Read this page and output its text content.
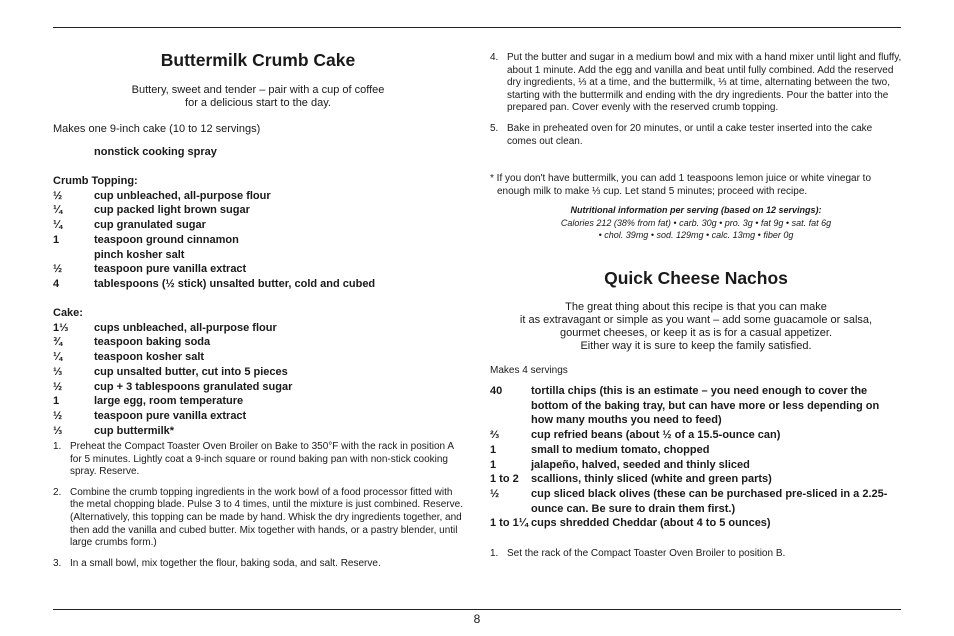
Buttermilk Crumb Cake
Buttery, sweet and tender – pair with a cup of coffee
for a delicious start to the day.
Makes one 9-inch cake (10 to 12 servings)
nonstick cooking spray
Crumb Topping:
½	cup unbleached, all-purpose flour
¼	cup packed light brown sugar
¼	cup granulated sugar
1	teaspoon ground cinnamon
pinch kosher salt
½	teaspoon pure vanilla extract
4	tablespoons (½ stick) unsalted butter, cold and cubed
Cake:
1⅓	cups unbleached, all-purpose flour
¾	teaspoon baking soda
¼	teaspoon kosher salt
⅓	cup unsalted butter, cut into 5 pieces
½	cup + 3 tablespoons granulated sugar
1	large egg, room temperature
½	teaspoon pure vanilla extract
⅓	cup buttermilk*
1. Preheat the Compact Toaster Oven Broiler on Bake to 350°F with the rack in position A for 5 minutes. Lightly coat a 9-inch square or round baking pan with non-stick cooking spray. Reserve.
2. Combine the crumb topping ingredients in the work bowl of a food processor fitted with the metal chopping blade. Pulse 3 to 4 times, until the mixture is just combined. Reserve. (Alternatively, this topping can be made by hand. Whisk the dry ingredients together, and then add the vanilla and cubed butter. Mix together with hands, or a pastry blender, until large crumbs form.)
3. In a small bowl, mix together the flour, baking soda, and salt. Reserve.
4. Put the butter and sugar in a medium bowl and mix with a hand mixer until light and fluffy, about 1 minute. Add the egg and vanilla and beat until fully combined. Add the reserved dry ingredients, ⅓ at a time, and the buttermilk, ⅓ at time, alternating between the two, starting with the buttermilk and ending with the dry ingredients. Pour the batter into the prepared pan. Cover evenly with the reserved crumb topping.
5. Bake in preheated oven for 20 minutes, or until a cake tester inserted into the cake comes out clean.
* If you don't have buttermilk, you can add 1 teaspoons lemon juice or white vinegar to enough milk to make ⅓ cup. Let stand 5 minutes; proceed with recipe.
Nutritional information per serving (based on 12 servings):
Calories 212 (38% from fat) • carb. 30g • pro. 3g • fat 9g • sat. fat 6g
• chol. 39mg • sod. 129mg • calc. 13mg • fiber 0g
Quick Cheese Nachos
The great thing about this recipe is that you can make
it as extravagant or simple as you want – add some guacamole or salsa,
gourmet cheeses, or keep it as is for a casual appetizer.
Either way it is sure to keep the family satisfied.
Makes 4 servings
40	tortilla chips (this is an estimate – you need enough to cover the bottom of the baking tray, but can have more or less depending on how many mouths you need to feed)
⅔	cup refried beans (about ½ of a 15.5-ounce can)
1	small to medium tomato, chopped
1	jalapeño, halved, seeded and thinly sliced
1 to 2	scallions, thinly sliced (white and green parts)
½	cup sliced black olives (these can be purchased pre-sliced in a 2.25-ounce can. Be sure to drain them first.)
1 to 1¼ cups shredded Cheddar (about 4 to 5 ounces)
1. Set the rack of the Compact Toaster Oven Broiler to position B.
8
